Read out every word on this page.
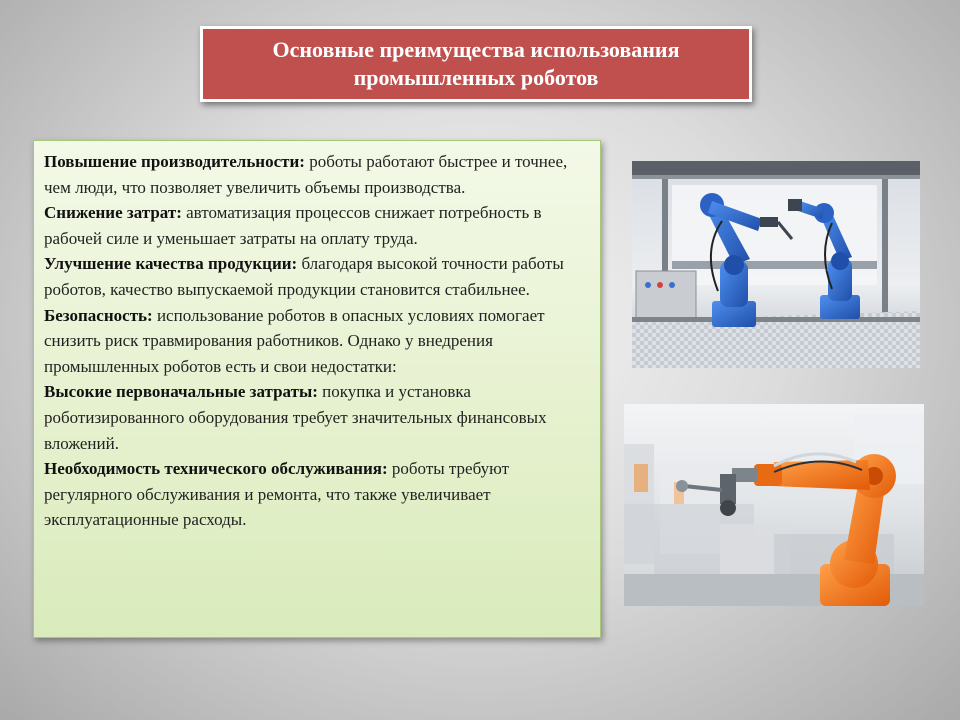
Основные преимущества использования
промышленных роботов

Повышение производительности: роботы работают быстрее и точнее, чем люди, что позволяет увеличить объемы производства.

Снижение затрат: автоматизация процессов снижает потребность в рабочей силе и уменьшает затраты на оплату труда.

Улучшение качества продукции: благодаря высокой точности работы роботов, качество выпускаемой продукции становится стабильнее.

Безопасность: использование роботов в опасных условиях помогает снизить риск травмирования работников. Однако у внедрения промышленных роботов есть и свои недостатки:

Высокие первоначальные затраты: покупка и установка роботизированного оборудования требует значительных финансовых вложений.

Необходимость технического обслуживания: роботы требуют регулярного обслуживания и ремонта, что также увеличивает эксплуатационные расходы.
